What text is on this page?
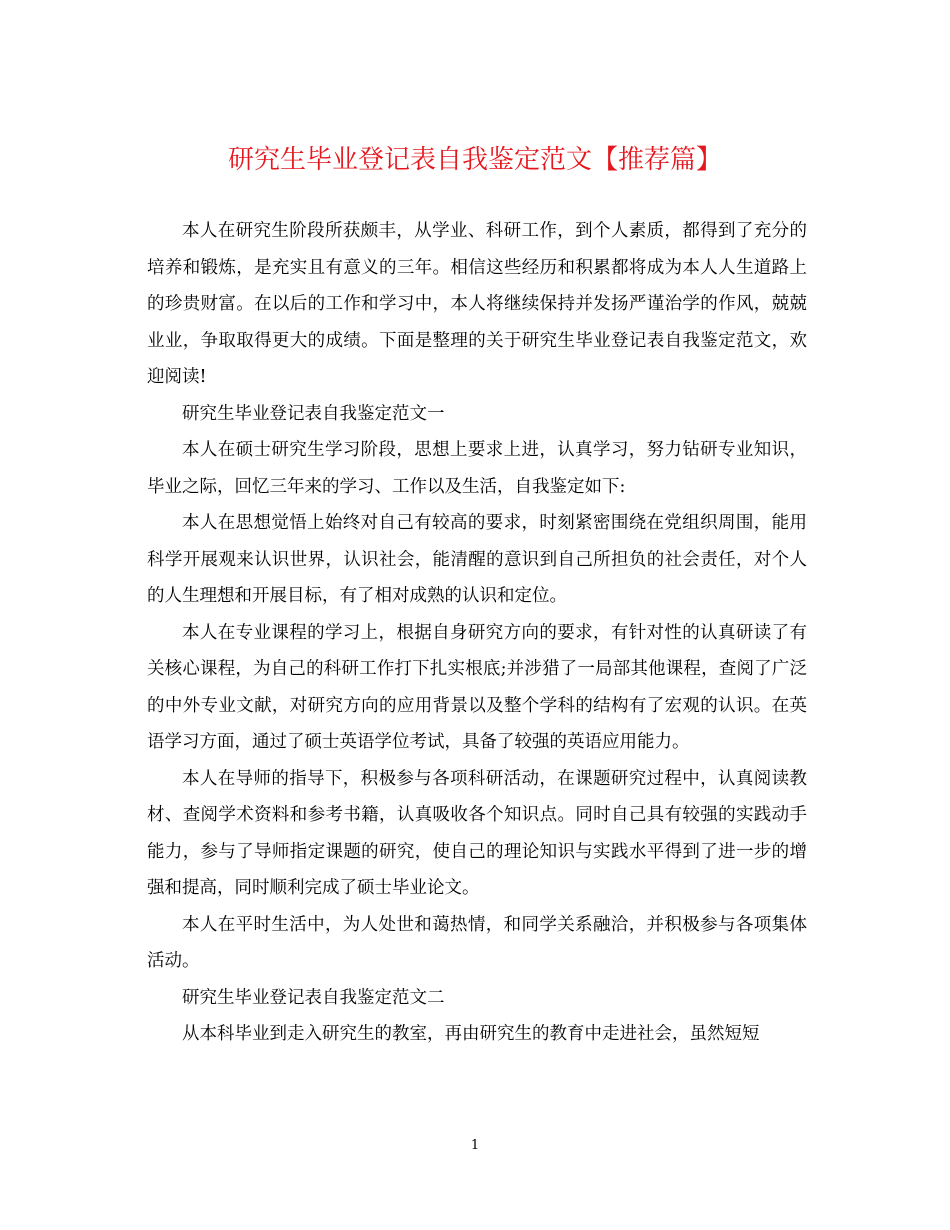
研究生毕业登记表自我鉴定范文【推荐篇】

本人在研究生阶段所获颇丰，从学业、科研工作，到个人素质，都得到了充分的培养和锻炼，是充实且有意义的三年。相信这些经历和积累都将成为本人人生道路上的珍贵财富。在以后的工作和学习中，本人将继续保持并发扬严谨治学的作风，兢兢业业，争取取得更大的成绩。下面是整理的关于研究生毕业登记表自我鉴定范文，欢迎阅读!

研究生毕业登记表自我鉴定范文一

本人在硕士研究生学习阶段，思想上要求上进，认真学习，努力钻研专业知识，毕业之际，回忆三年来的学习、工作以及生活，自我鉴定如下:

本人在思想觉悟上始终对自己有较高的要求，时刻紧密围绕在党组织周围，能用科学开展观来认识世界，认识社会，能清醒的意识到自己所担负的社会责任，对个人的人生理想和开展目标，有了相对成熟的认识和定位。

本人在专业课程的学习上，根据自身研究方向的要求，有针对性的认真研读了有关核心课程，为自己的科研工作打下扎实根底;并涉猎了一局部其他课程，查阅了广泛的中外专业文献，对研究方向的应用背景以及整个学科的结构有了宏观的认识。在英语学习方面，通过了硕士英语学位考试，具备了较强的英语应用能力。

本人在导师的指导下，积极参与各项科研活动，在课题研究过程中，认真阅读教材、查阅学术资料和参考书籍，认真吸收各个知识点。同时自己具有较强的实践动手能力，参与了导师指定课题的研究，使自己的理论知识与实践水平得到了进一步的增强和提高，同时顺利完成了硕士毕业论文。

本人在平时生活中，为人处世和蔼热情，和同学关系融洽，并积极参与各项集体活动。

研究生毕业登记表自我鉴定范文二

从本科毕业到走入研究生的教室，再由研究生的教育中走进社会，虽然短短

1
